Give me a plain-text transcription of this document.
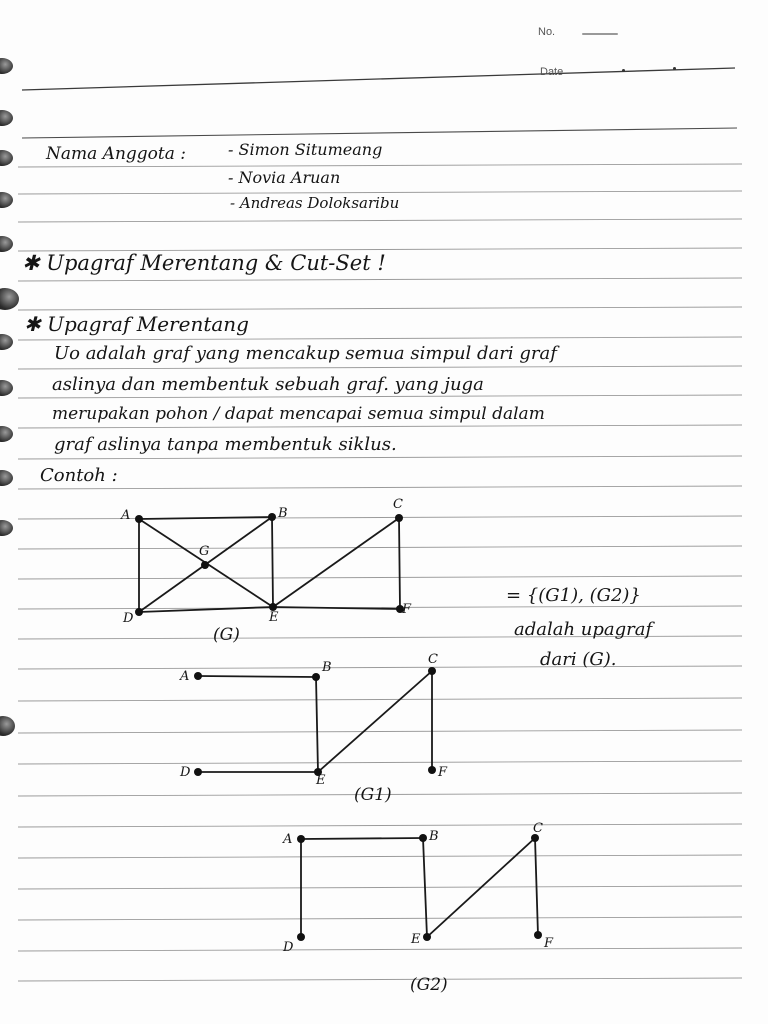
No.
Date
Nama Anggota :	- Simon Situmeang
- Novia Aruan
- Andreas Doloksaribu
✱ Upagraf Merentang & Cut-Set !
✱ Upagraf Merentang
Uo adalah graf yang mencakup semua simpul dari graf
aslinya dan membentuk sebuah graf. yang juga
merupakan pohon / dapat mencapai semua simpul dalam
graf aslinya tanpa membentuk siklus.
Contoh :
A	B
C
D	E
F
G
(G)
A
B
C
D
E
F
(G1)
A	B
C
D
E	F
(G2)
= {(G1), (G2)}
adalah upagraf
dari (G).
